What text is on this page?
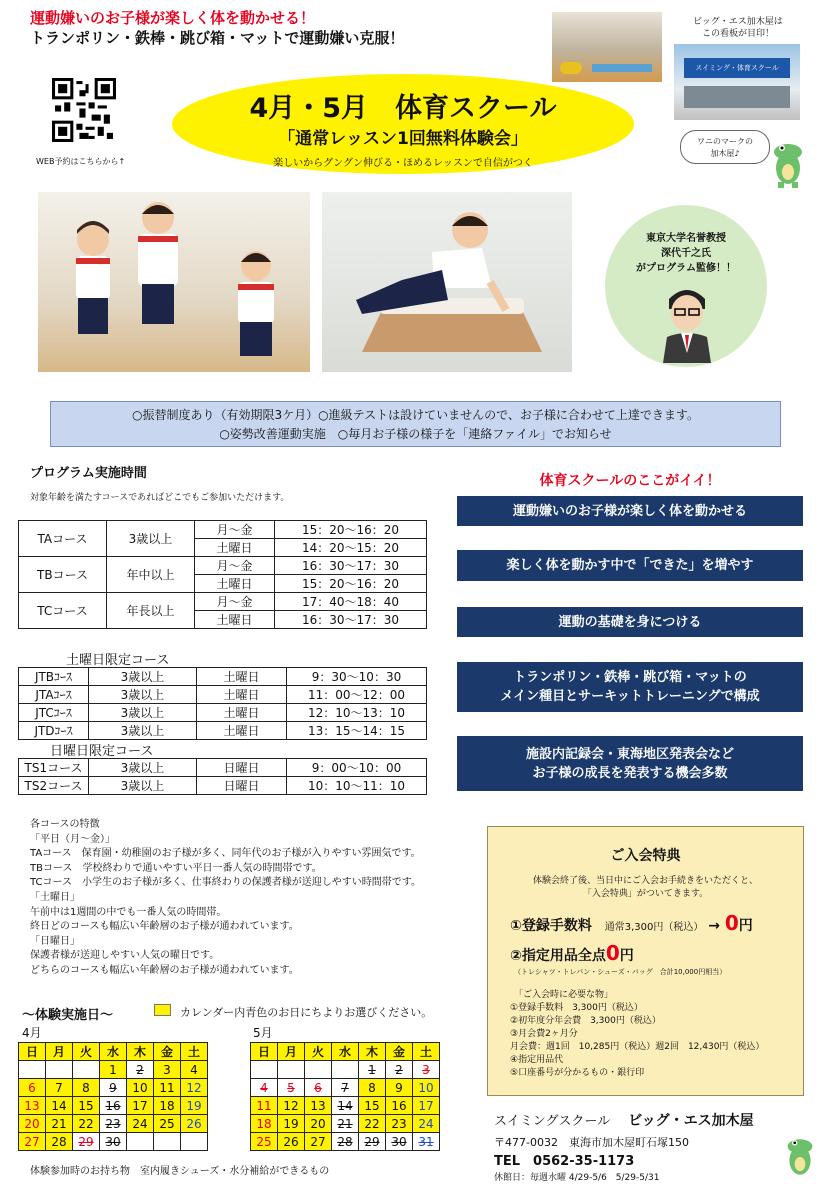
運動嫌いのお子様が楽しく体を動かせる！
トランポリン・鉄棒・跳び箱・マットで運動嫌い克服！
WEB予約はこちらから↑
4月・5月　体育スクール
「通常レッスン1回無料体験会」
楽しいからグングン伸びる・ほめるレッスンで自信がつく
ビッグ・エス加木屋は
この看板が目印！
スイミング・体育スクール
ワニのマークの
加木屋♪
東京大学名誉教授
深代千之氏
がプログラム監修！！
○振替制度あり（有効期限3ケ月）○進級テストは設けていませんので、お子様に合わせて上達できます。
○姿勢改善運動実施　○毎月お子様の様子を「連絡ファイル」でお知らせ
プログラム実施時間
対象年齢を満たすコースであればどこでもご参加いただけます。
TAコース	3歳以上	月～金	15：20～16：20
		土曜日	14：20～15：20
TBコース	年中以上	月～金	16：30～17：30
		土曜日	15：20～16：20
TCコース	年長以上	月～金	17：40～18：40
		土曜日	16：30～17：30
土曜日限定コース
JTBｺｰｽ	3歳以上	土曜日	9：30～10：30
JTAｺｰｽ	3歳以上	土曜日	11：00～12：00
JTCｺｰｽ	3歳以上	土曜日	12：10～13：10
JTDｺｰｽ	3歳以上	土曜日	13：15～14：15
日曜日限定コース
TS1コース	3歳以上	日曜日	9：00～10：00
TS2コース	3歳以上	日曜日	10：10～11：10
体育スクールのここがイイ！
運動嫌いのお子様が楽しく体を動かせる
楽しく体を動かす中で「できた」を増やす
運動の基礎を身につける
トランポリン・鉄棒・跳び箱・マットの
メイン種目とサーキットトレーニングで構成
施設内記録会・東海地区発表会など
お子様の成長を発表する機会多数
各コースの特徴
「平日（月～金）」
TAコース　保育園・幼稚園のお子様が多く、同年代のお子様が入りやすい雰囲気です。
TBコース　学校終わりで通いやすい平日一番人気の時間帯です。
TCコース　小学生のお子様が多く、仕事終わりの保護者様が送迎しやすい時間帯です。
「土曜日」
午前中は1週間の中でも一番人気の時間帯。
終日どのコースも幅広い年齢層のお子様が通われています。
「日曜日」
保護者様が送迎しやすい人気の曜日です。
どちらのコースも幅広い年齢層のお子様が通われています。
～体験実施日～	カレンダー内青色のお日にちよりお選びください。
4月
日	月	火	水	木	金	土
			1	2	3	4
6	7	8	9	10	11	12
13	14	15	16	17	18	19
20	21	22	23	24	25	26
27	28	29	30			
5月
日	月	火	水	木	金	土
				1	2	3
4	5	6	7	8	9	10
11	12	13	14	15	16	17
18	19	20	21	22	23	24
25	26	27	28	29	30	31
体験参加時のお持ち物　室内履きシューズ・水分補給ができるもの
ご入会特典
体験会終了後、当日中にご入会お手続きをいただくと、
「入会特典」がついてきます。
①登録手数料 通常3,300円（税込） → 0円
②指定用品全点0円
（トレシャツ・トレパン・シューズ・バッグ　合計10,000円相当）
「ご入会時に必要な物」
①登録手数料　3,300円（税込）
②初年度分年会費　3,300円（税込）
③月会費2ヶ月分
月会費：週1回　10,285円（税込）週2回　12,430円（税込）
④指定用品代
⑤口座番号が分かるもの・銀行印
スイミングスクール ビッグ・エス加木屋
〒477-0032　東海市加木屋町石塚150
TEL　0562-35-1173
休館日：毎週水曜 4/29-5/6　5/29-5/31
